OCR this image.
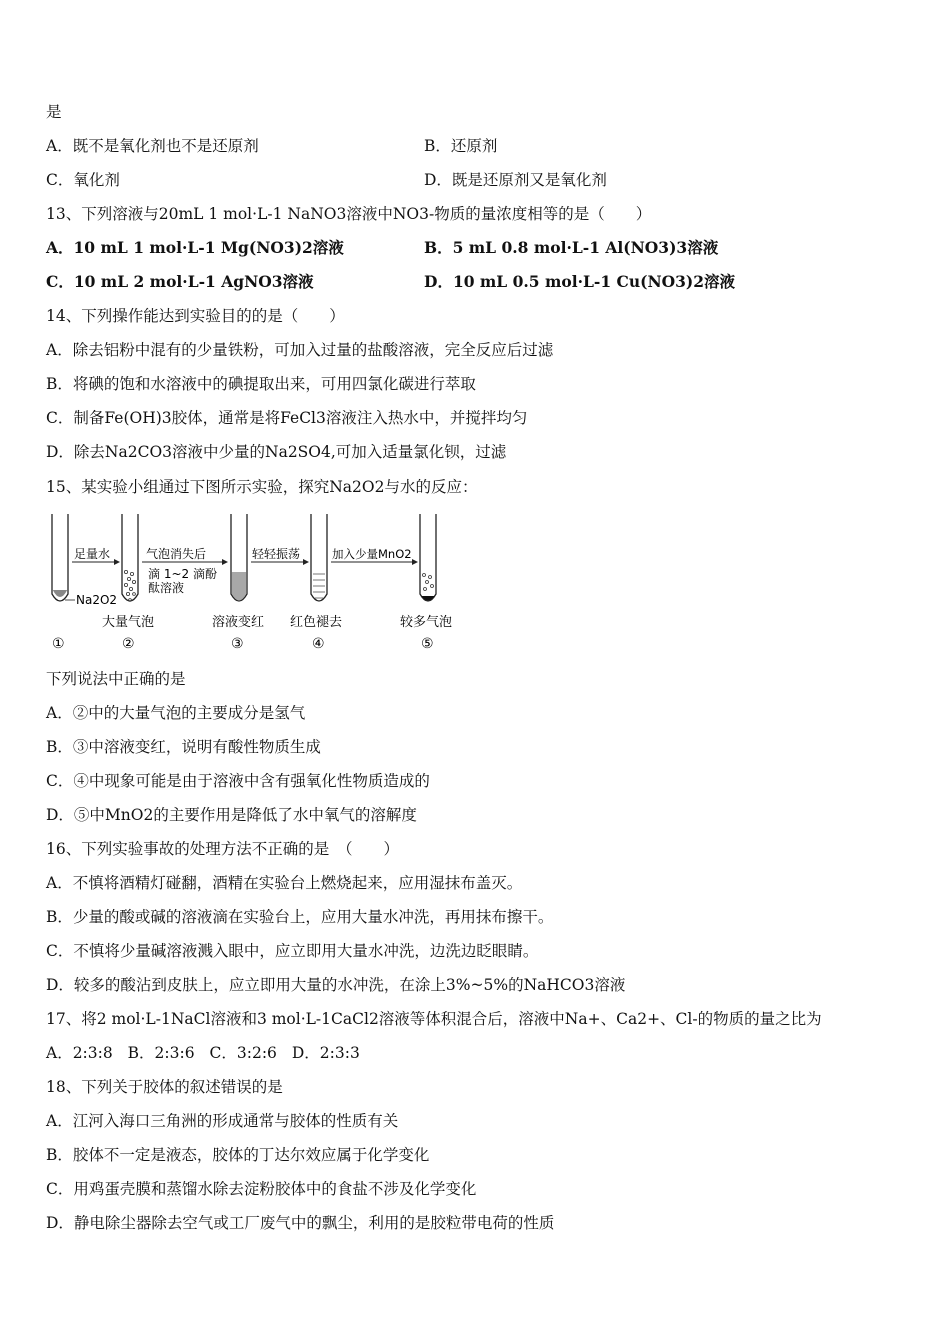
是
A．既不是氧化剂也不是还原剂	B．还原剂
C．氧化剂	D．既是还原剂又是氧化剂
13、下列溶液与20mL 1 mol·L-1 NaNO3溶液中NO3-物质的量浓度相等的是（　　）
A．10 mL 1 mol·L-1 Mg(NO3)2溶液	B．5 mL 0.8 mol·L-1 Al(NO3)3溶液
C．10 mL 2 mol·L-1 AgNO3溶液	D．10 mL 0.5 mol·L-1 Cu(NO3)2溶液
14、下列操作能达到实验目的的是（　　）
A．除去铝粉中混有的少量铁粉，可加入过量的盐酸溶液，完全反应后过滤
B．将碘的饱和水溶液中的碘提取出来，可用四氯化碳进行萃取
C．制备Fe(OH)3胶体，通常是将FeCl3溶液注入热水中，并搅拌均匀
D．除去Na2CO3溶液中少量的Na2SO4,可加入适量氯化钡，过滤
15、某实验小组通过下图所示实验，探究Na2O2与水的反应：
足量水	气泡消失后
滴 1~2 滴酚
酞溶液
轻轻振荡	加入少量MnO2
Na2O2
大量气泡	溶液变红 红色褪去	较多气泡
①	②	③	④	⑤
下列说法中正确的是
A．②中的大量气泡的主要成分是氢气
B．③中溶液变红，说明有酸性物质生成
C．④中现象可能是由于溶液中含有强氧化性物质造成的
D．⑤中MnO2的主要作用是降低了水中氧气的溶解度
16、下列实验事故的处理方法不正确的是　（　　）
A．不慎将酒精灯碰翻，酒精在实验台上燃烧起来，应用湿抹布盖灭。
B．少量的酸或碱的溶液滴在实验台上，应用大量水冲洗，再用抹布擦干。
C．不慎将少量碱溶液溅入眼中，应立即用大量水冲洗，边洗边眨眼睛。
D．较多的酸沾到皮肤上，应立即用大量的水冲洗，在涂上3%~5%的NaHCO3溶液
17、将2 mol·L-1NaCl溶液和3 mol·L-1CaCl2溶液等体积混合后，溶液中Na+、Ca2+、Cl-的物质的量之比为
A．2:3:8 B．2:3:6 C．3:2:6 D．2:3:3
18、下列关于胶体的叙述错误的是
A．江河入海口三角洲的形成通常与胶体的性质有关
B．胶体不一定是液态，胶体的丁达尔效应属于化学变化
C．用鸡蛋壳膜和蒸馏水除去淀粉胶体中的食盐不涉及化学变化
D．静电除尘器除去空气或工厂废气中的飘尘，利用的是胶粒带电荷的性质
